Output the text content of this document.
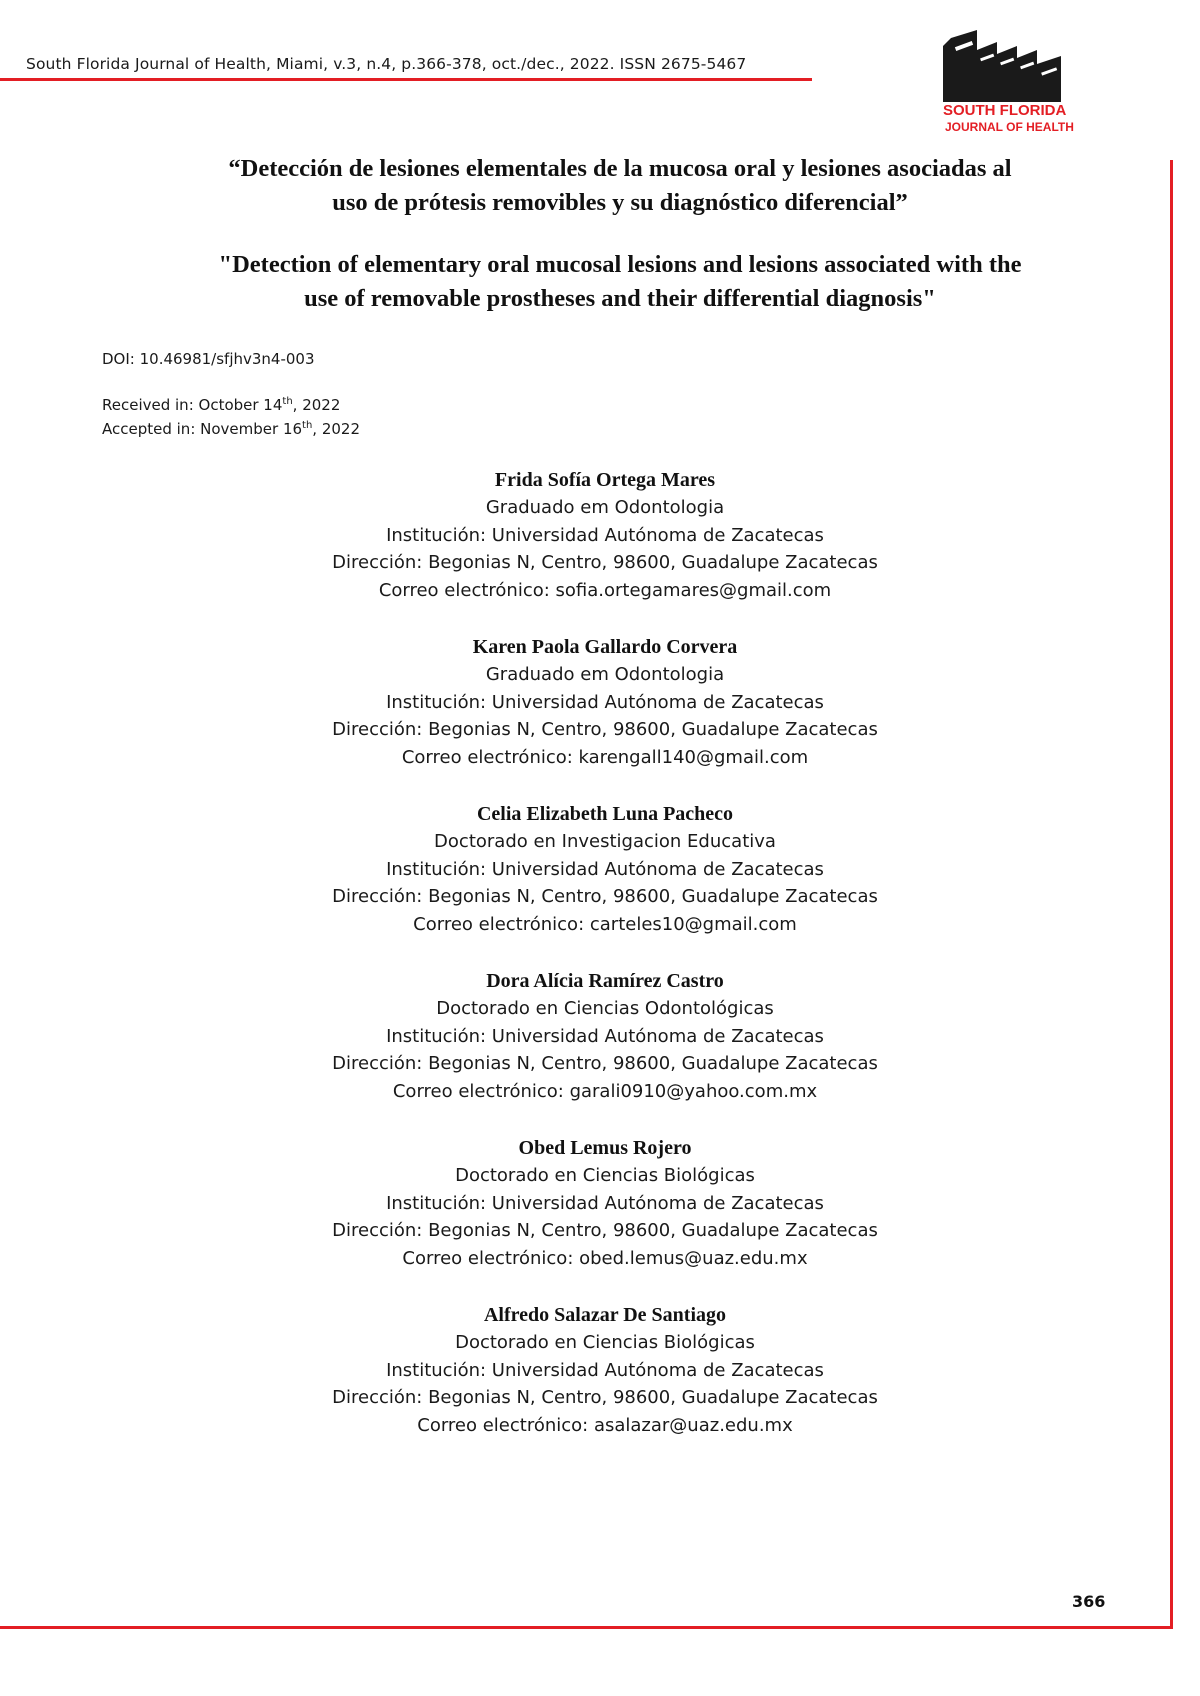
South Florida Journal of Health, Miami, v.3, n.4, p.366-378, oct./dec., 2022. ISSN 2675-5467
SOUTH FLORIDA
JOURNAL OF HEALTH
“Detección de lesiones elementales de la mucosa oral y lesiones asociadas al
uso de prótesis removibles y su diagnóstico diferencial”
"Detection of elementary oral mucosal lesions and lesions associated with the
use of removable prostheses and their differential diagnosis"
DOI: 10.46981/sfjhv3n4-003
Received in: October 14th, 2022
Accepted in: November 16th, 2022
Frida Sofía Ortega Mares
Graduado em Odontologia
Institución: Universidad Autónoma de Zacatecas
Dirección: Begonias N, Centro, 98600, Guadalupe Zacatecas
Correo electrónico: sofia.ortegamares@gmail.com
Karen Paola Gallardo Corvera
Graduado em Odontologia
Institución: Universidad Autónoma de Zacatecas
Dirección: Begonias N, Centro, 98600, Guadalupe Zacatecas
Correo electrónico: karengall140@gmail.com
Celia Elizabeth Luna Pacheco
Doctorado en Investigacion Educativa
Institución: Universidad Autónoma de Zacatecas
Dirección: Begonias N, Centro, 98600, Guadalupe Zacatecas
Correo electrónico: carteles10@gmail.com
Dora Alícia Ramírez Castro
Doctorado en Ciencias Odontológicas
Institución: Universidad Autónoma de Zacatecas
Dirección: Begonias N, Centro, 98600, Guadalupe Zacatecas
Correo electrónico: garali0910@yahoo.com.mx
Obed Lemus Rojero
Doctorado en Ciencias Biológicas
Institución: Universidad Autónoma de Zacatecas
Dirección: Begonias N, Centro, 98600, Guadalupe Zacatecas
Correo electrónico: obed.lemus@uaz.edu.mx
Alfredo Salazar De Santiago
Doctorado en Ciencias Biológicas
Institución: Universidad Autónoma de Zacatecas
Dirección: Begonias N, Centro, 98600, Guadalupe Zacatecas
Correo electrónico: asalazar@uaz.edu.mx
366
